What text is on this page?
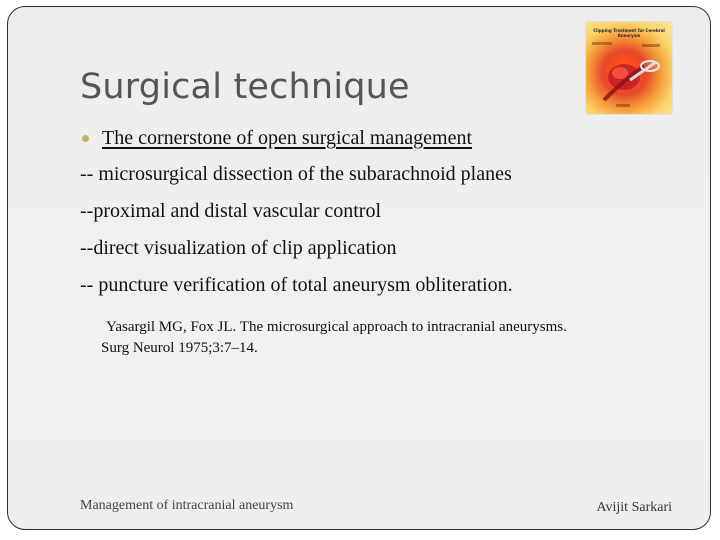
Surgical technique
Clipping Treatment for Cerebral Aneurysm
The cornerstone of open surgical management
-- microsurgical dissection of the subarachnoid planes
--proximal and distal vascular control
--direct visualization of clip application
-- puncture verification of total aneurysm obliteration.
Yasargil MG, Fox JL. The microsurgical approach to intracranial aneurysms.
Surg Neurol 1975;3:7–14.
Management of intracranial aneurysm	Avijit Sarkari
